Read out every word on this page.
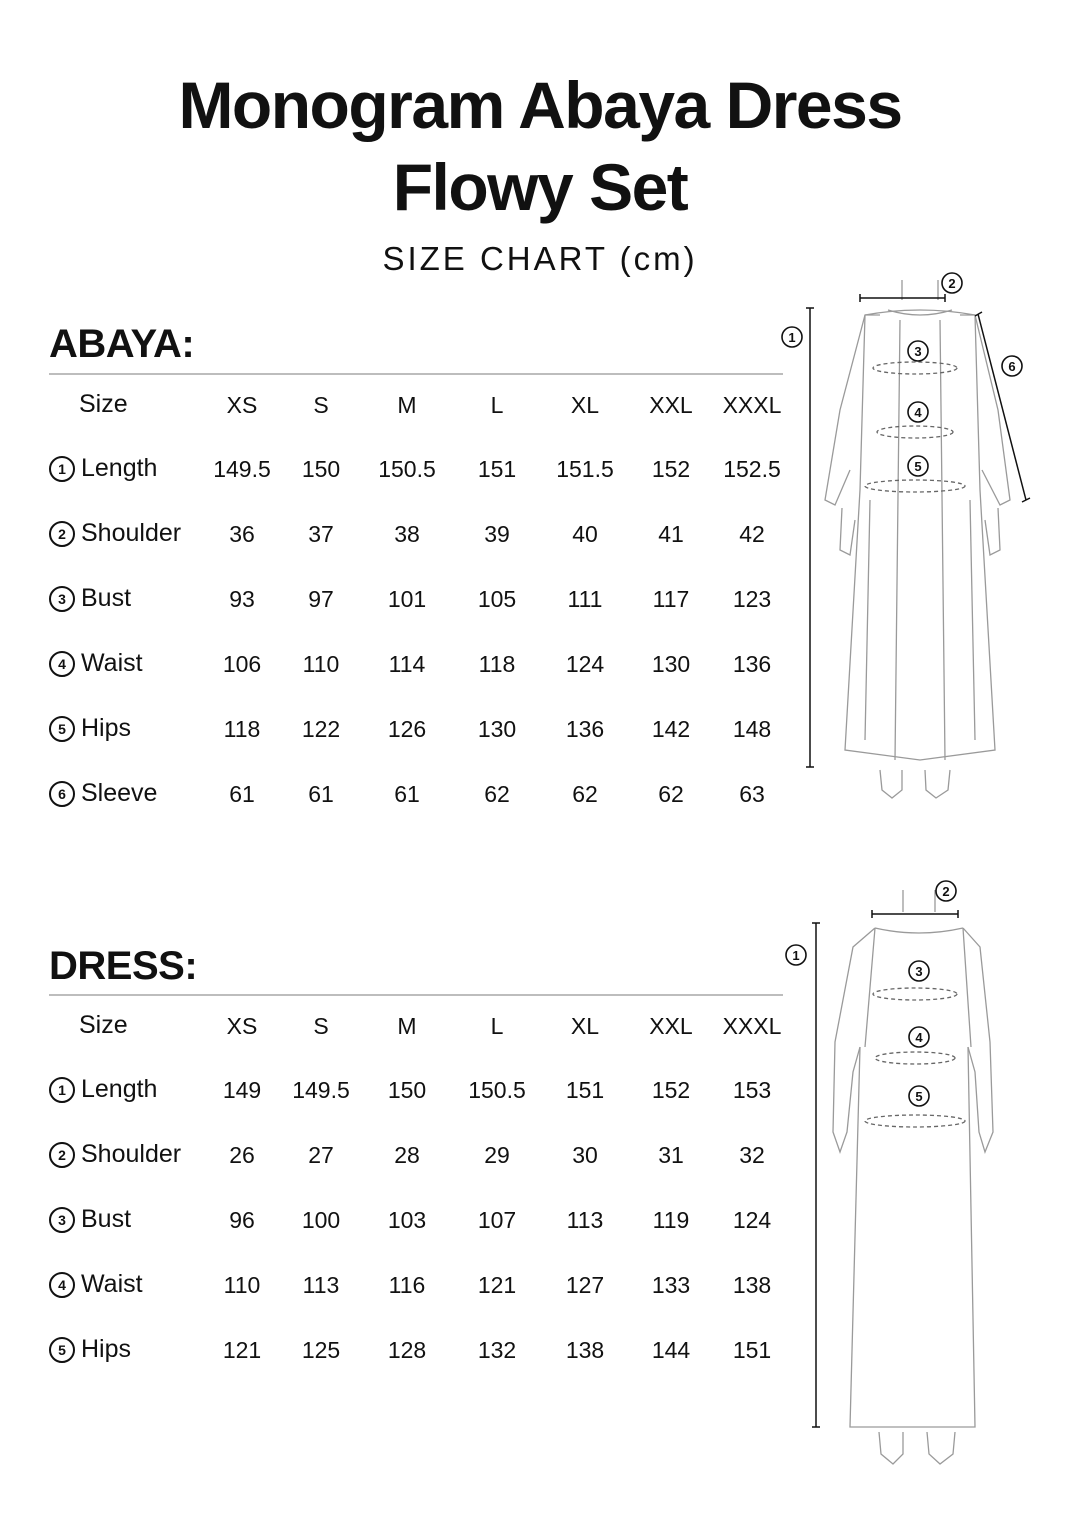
Monogram Abaya Dress
Flowy Set
SIZE CHART (cm)
ABAYA:
Size	XS	S	M	L	XL	XXL	XXXL
1 Length	149.5	150	150.5	151	151.5	152	152.5
2 Shoulder	36	37	38	39	40	41	42
3 Bust	93	97	101	105	111	117	123
4 Waist	106	110	114	118	124	130	136
5 Hips	118	122	126	130	136	142	148
6 Sleeve	61	61	61	62	62	62	63
DRESS:
Size	XS	S	M	L	XL	XXL	XXXL
1 Length	149	149.5	150	150.5	151	152	153
2 Shoulder	26	27	28	29	30	31	32
3 Bust	96	100	103	107	113	119	124
4 Waist	110	113	116	121	127	133	138
5 Hips	121	125	128	132	138	144	151
1
2
3
4
5
6
1
2
3
4
5
